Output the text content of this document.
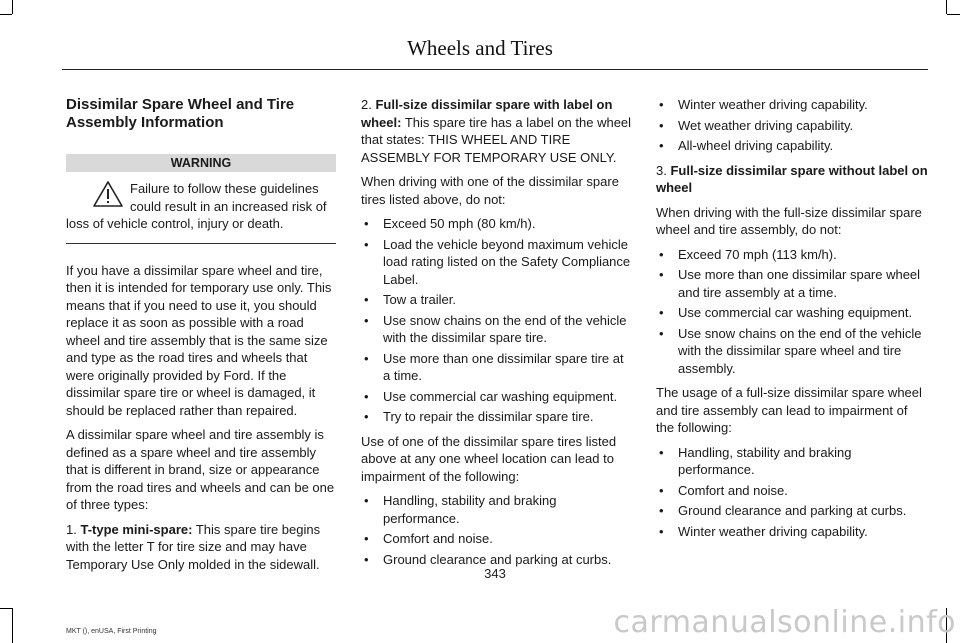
Wheels and Tires
Dissimilar Spare Wheel and Tire Assembly Information
WARNING
Failure to follow these guidelines could result in an increased risk of loss of vehicle control, injury or death.

If you have a dissimilar spare wheel and tire, then it is intended for temporary use only. This means that if you need to use it, you should replace it as soon as possible with a road wheel and tire assembly that is the same size and type as the road tires and wheels that were originally provided by Ford. If the dissimilar spare tire or wheel is damaged, it should be replaced rather than repaired.

A dissimilar spare wheel and tire assembly is defined as a spare wheel and tire assembly that is different in brand, size or appearance from the road tires and wheels and can be one of three types:

1. T-type mini-spare: This spare tire begins with the letter T for tire size and may have Temporary Use Only molded in the sidewall.

2. Full-size dissimilar spare with label on wheel: This spare tire has a label on the wheel that states: THIS WHEEL AND TIRE ASSEMBLY FOR TEMPORARY USE ONLY.

When driving with one of the dissimilar spare tires listed above, do not:

• Exceed 50 mph (80 km/h).
• Load the vehicle beyond maximum vehicle load rating listed on the Safety Compliance Label.
• Tow a trailer.
• Use snow chains on the end of the vehicle with the dissimilar spare tire.
• Use more than one dissimilar spare tire at a time.
• Use commercial car washing equipment.
• Try to repair the dissimilar spare tire.

Use of one of the dissimilar spare tires listed above at any one wheel location can lead to impairment of the following:

• Handling, stability and braking performance.
• Comfort and noise.
• Ground clearance and parking at curbs.
• Winter weather driving capability.
• Wet weather driving capability.
• All-wheel driving capability.

3. Full-size dissimilar spare without label on wheel

When driving with the full-size dissimilar spare wheel and tire assembly, do not:

• Exceed 70 mph (113 km/h).
• Use more than one dissimilar spare wheel and tire assembly at a time.
• Use commercial car washing equipment.
• Use snow chains on the end of the vehicle with the dissimilar spare wheel and tire assembly.

The usage of a full-size dissimilar spare wheel and tire assembly can lead to impairment of the following:

• Handling, stability and braking performance.
• Comfort and noise.
• Ground clearance and parking at curbs.
• Winter weather driving capability.
343
MKT (), enUSA, First Printing	carmanualsonline.info
